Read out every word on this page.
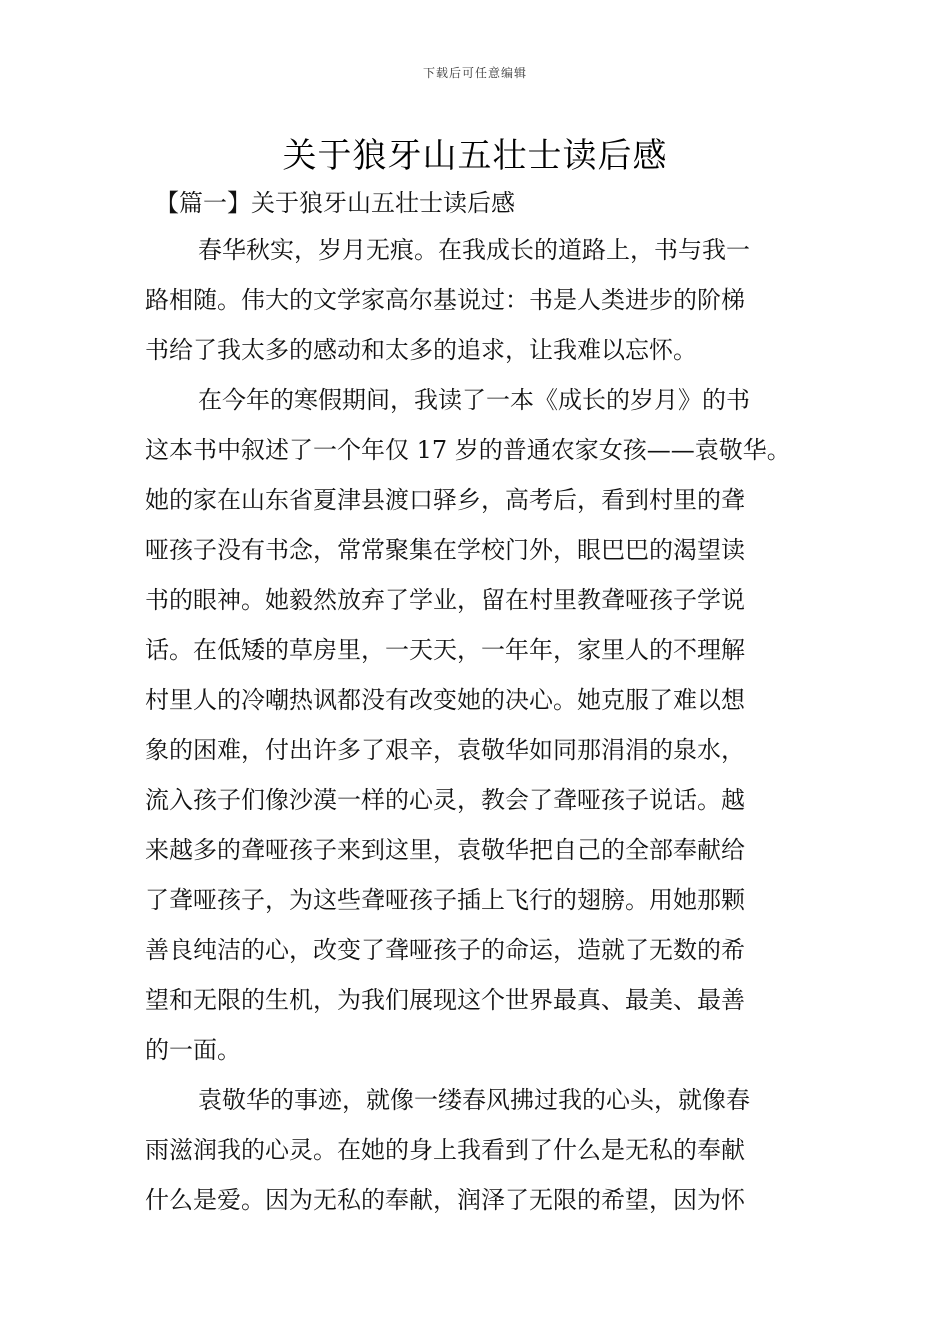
下载后可任意编辑
关于狼牙山五壮士读后感
【篇一】关于狼牙山五壮士读后感
春华秋实，岁月无痕。在我成长的道路上，书与我一
路相随。伟大的文学家高尔基说过：书是人类进步的阶梯
书给了我太多的感动和太多的追求，让我难以忘怀。
在今年的寒假期间，我读了一本《成长的岁月》的书
这本书中叙述了一个年仅 17 岁的普通农家女孩——袁敬华。
她的家在山东省夏津县渡口驿乡，高考后，看到村里的聋
哑孩子没有书念，常常聚集在学校门外，眼巴巴的渴望读
书的眼神。她毅然放弃了学业，留在村里教聋哑孩子学说
话。在低矮的草房里，一天天，一年年，家里人的不理解
村里人的冷嘲热讽都没有改变她的决心。她克服了难以想
象的困难，付出许多了艰辛，袁敬华如同那涓涓的泉水，
流入孩子们像沙漠一样的心灵，教会了聋哑孩子说话。越
来越多的聋哑孩子来到这里，袁敬华把自己的全部奉献给
了聋哑孩子，为这些聋哑孩子插上飞行的翅膀。用她那颗
善良纯洁的心，改变了聋哑孩子的命运，造就了无数的希
望和无限的生机，为我们展现这个世界最真、最美、最善
的一面。
袁敬华的事迹，就像一缕春风拂过我的心头，就像春
雨滋润我的心灵。在她的身上我看到了什么是无私的奉献
什么是爱。因为无私的奉献，润泽了无限的希望，因为怀
